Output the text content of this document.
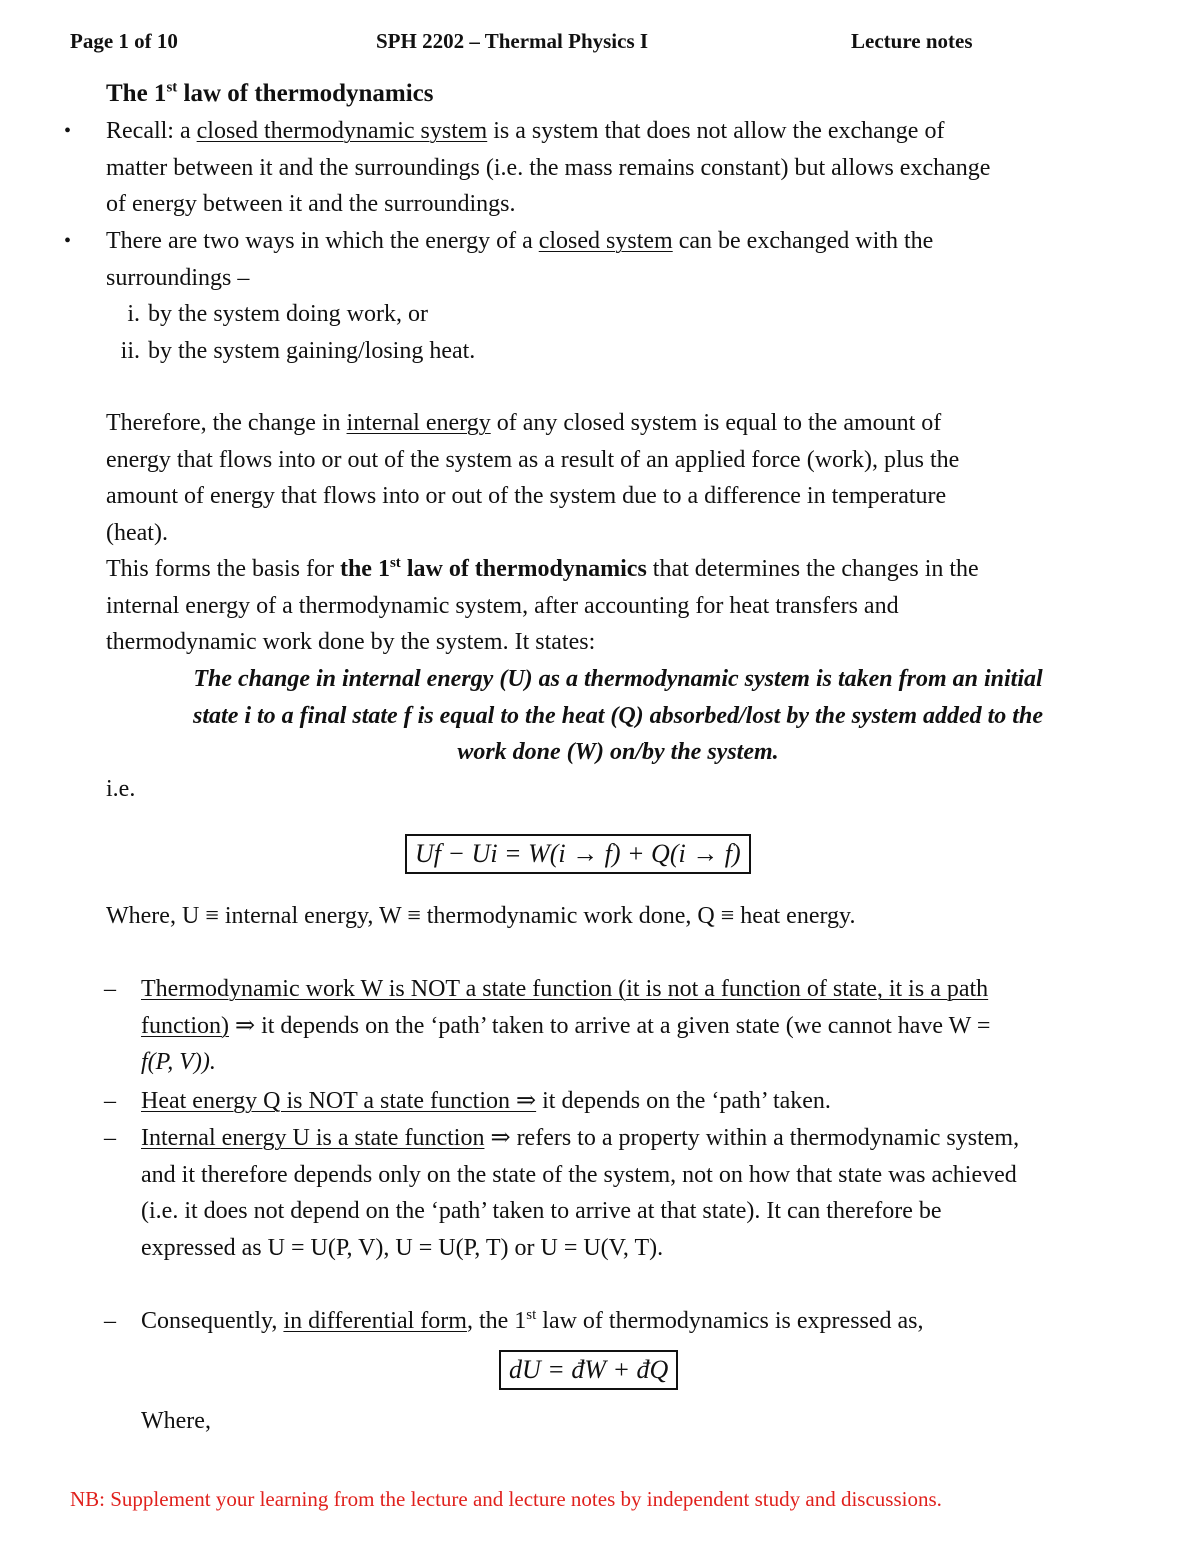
Page 1 of 10	SPH 2202 – Thermal Physics I	Lecture notes
The 1st law of thermodynamics
• Recall: a closed thermodynamic system is a system that does not allow the exchange of
matter between it and the surroundings (i.e. the mass remains constant) but allows exchange
of energy between it and the surroundings.
• There are two ways in which the energy of a closed system can be exchanged with the
surroundings –
i. by the system doing work, or
ii. by the system gaining/losing heat.
Therefore, the change in internal energy of any closed system is equal to the amount of
energy that flows into or out of the system as a result of an applied force (work), plus the
amount of energy that flows into or out of the system due to a difference in temperature
(heat).
This forms the basis for the 1st law of thermodynamics that determines the changes in the
internal energy of a thermodynamic system, after accounting for heat transfers and
thermodynamic work done by the system. It states:
The change in internal energy (U) as a thermodynamic system is taken from an initial
state i to a final state f is equal to the heat (Q) absorbed/lost by the system added to the
work done (W) on/by the system.
i.e.
Uf − Ui = W(i → f) + Q(i → f)
Where, U ≡ internal energy, W ≡ thermodynamic work done, Q ≡ heat energy.
– Thermodynamic work W is NOT a state function (it is not a function of state, it is a path
function) ⇒ it depends on the ‘path’ taken to arrive at a given state (we cannot have W =
f(P, V)).
– Heat energy Q is NOT a state function ⇒ it depends on the ‘path’ taken.
– Internal energy U is a state function ⇒ refers to a property within a thermodynamic system,
and it therefore depends only on the state of the system, not on how that state was achieved
(i.e. it does not depend on the ‘path’ taken to arrive at that state). It can therefore be
expressed as U = U(P, V), U = U(P, T) or U = U(V, T).
– Consequently, in differential form, the 1st law of thermodynamics is expressed as,
dU = đW + đQ
Where,
NB: Supplement your learning from the lecture and lecture notes by independent study and discussions.
